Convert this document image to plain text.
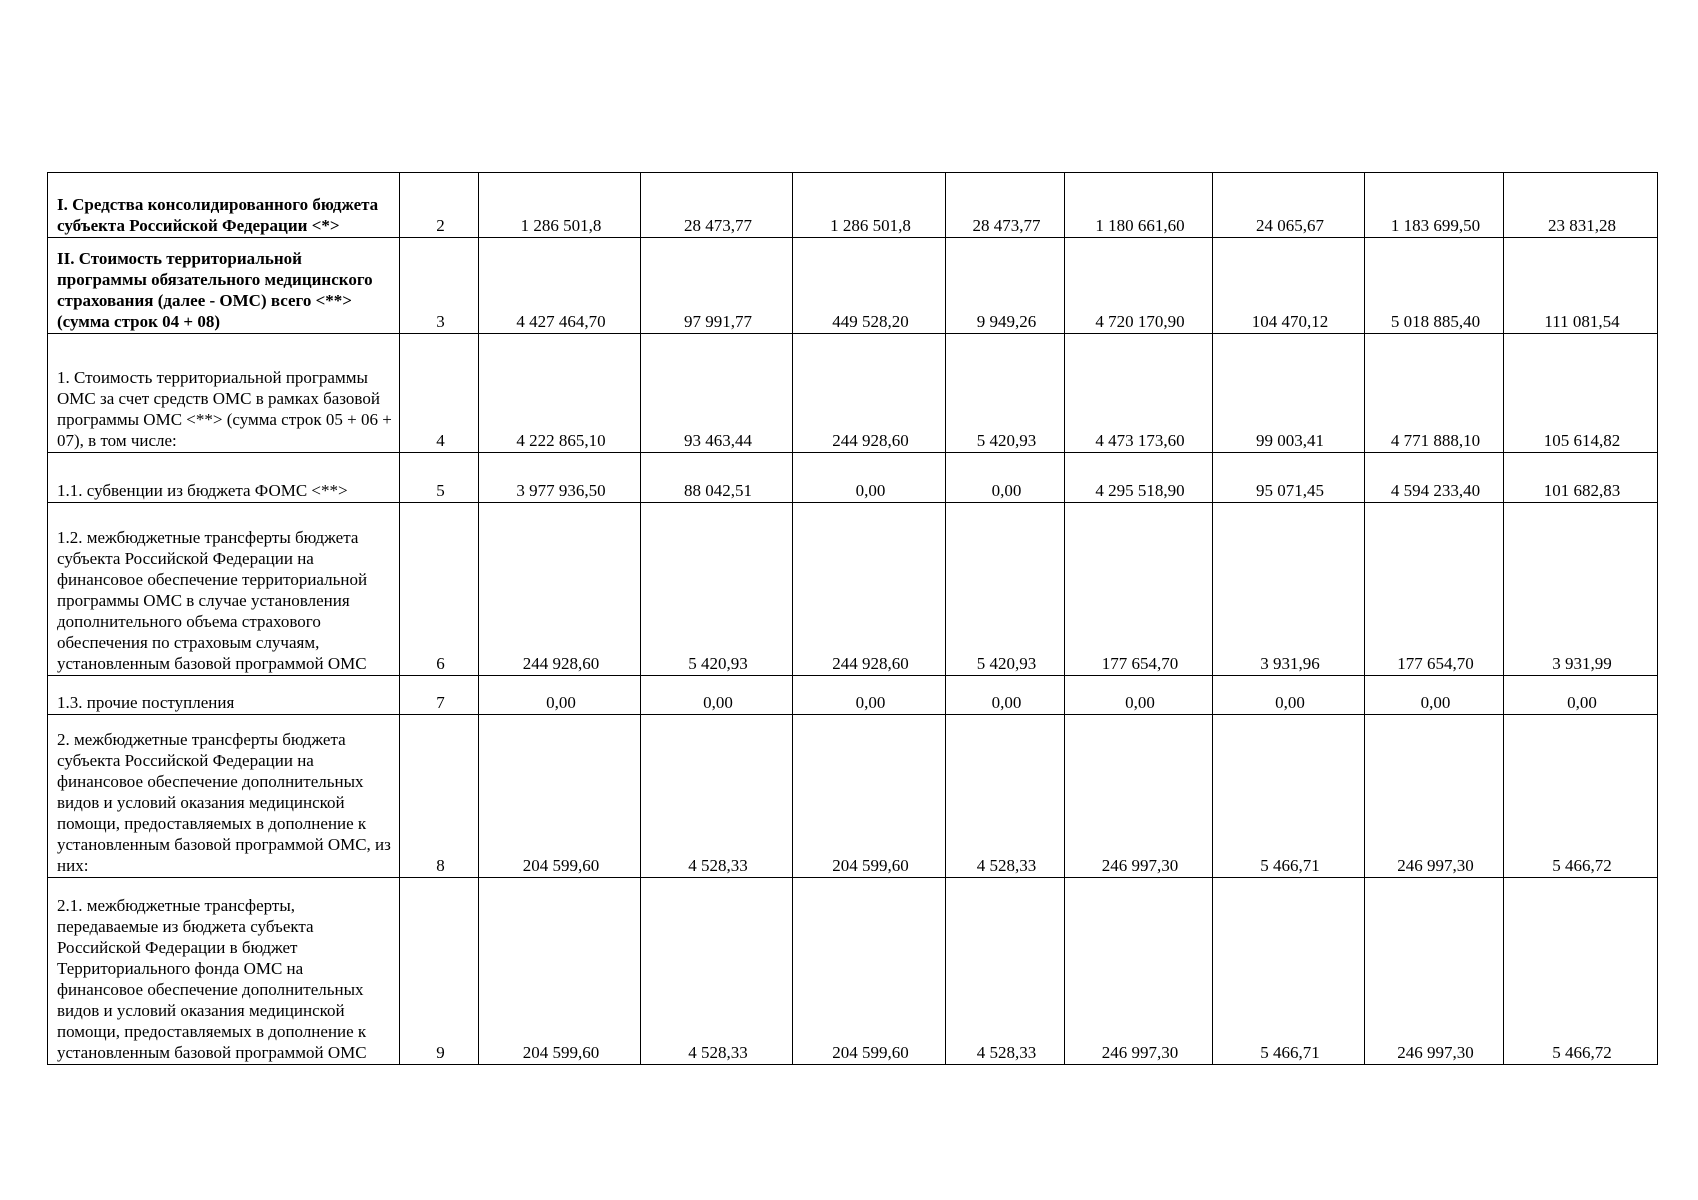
I. Средства консолидированного бюджета субъекта Российской Федерации <*>	2	1 286 501,8	28 473,77	1 286 501,8	28 473,77	1 180 661,60	24 065,67	1 183 699,50	23 831,28
II. Стоимость территориальной программы обязательного медицинского страхования (далее - ОМС) всего <**> (сумма строк 04 + 08)	3	4 427 464,70	97 991,77	449 528,20	9 949,26	4 720 170,90	104 470,12	5 018 885,40	111 081,54
1. Стоимость территориальной программы ОМС за счет средств ОМС в рамках базовой программы ОМС <**> (сумма строк 05 + 06 + 07), в том числе:	4	4 222 865,10	93 463,44	244 928,60	5 420,93	4 473 173,60	99 003,41	4 771 888,10	105 614,82
1.1. субвенции из бюджета ФОМС <**>	5	3 977 936,50	88 042,51	0,00	0,00	4 295 518,90	95 071,45	4 594 233,40	101 682,83
1.2. межбюджетные трансферты бюджета субъекта Российской Федерации на финансовое обеспечение территориальной программы ОМС в случае установления дополнительного объема страхового обеспечения по страховым случаям, установленным базовой программой ОМС	6	244 928,60	5 420,93	244 928,60	5 420,93	177 654,70	3 931,96	177 654,70	3 931,99
1.3. прочие поступления	7	0,00	0,00	0,00	0,00	0,00	0,00	0,00	0,00
2. межбюджетные трансферты бюджета субъекта Российской Федерации на финансовое обеспечение дополнительных видов и условий оказания медицинской помощи, предоставляемых в дополнение к установленным базовой программой ОМС, из них:	8	204 599,60	4 528,33	204 599,60	4 528,33	246 997,30	5 466,71	246 997,30	5 466,72
2.1. межбюджетные трансферты, передаваемые из бюджета субъекта Российской Федерации в бюджет Территориального фонда ОМС на финансовое обеспечение дополнительных видов и условий оказания медицинской помощи, предоставляемых в дополнение к установленным базовой программой ОМС	9	204 599,60	4 528,33	204 599,60	4 528,33	246 997,30	5 466,71	246 997,30	5 466,72
